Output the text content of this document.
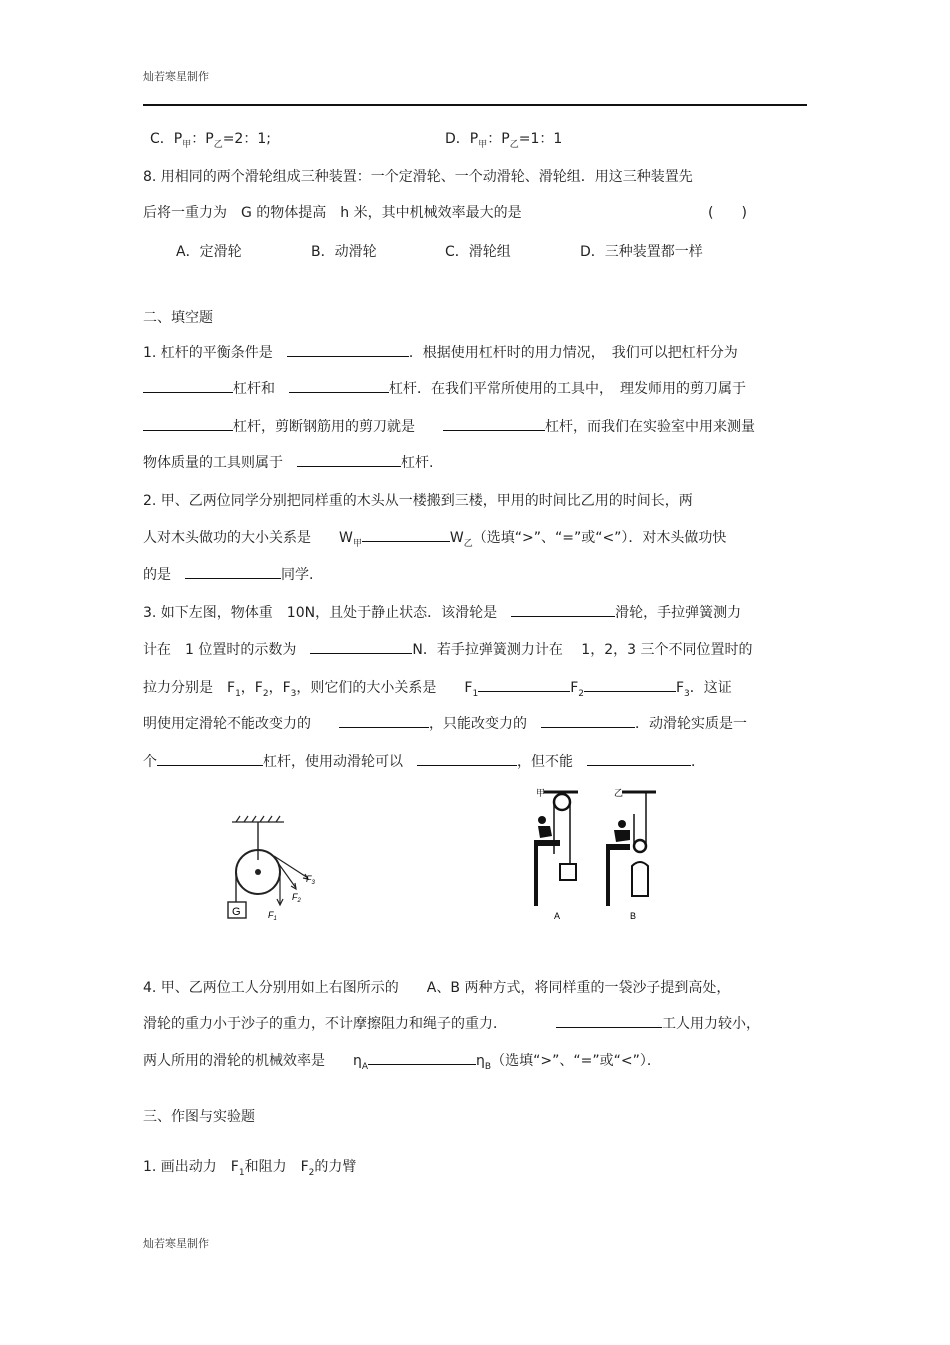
灿若寒星制作
C．$P_甲$：$P_乙=2$：1;	D．$P_甲$：$P_乙=1$：1
8. 用相同的两个滑轮组成三种装置：一个定滑轮、一个动滑轮、滑轮组．用这三种装置先
后将一重力为　G 的物体提高　h 米，其中机械效率最大的是	(　　)
A．定滑轮	B．动滑轮	C．滑轮组	D．三种装置都一样
二、填空题
1. 杠杆的平衡条件是　	．根据使用杠杆时的用力情况，　我们可以把杠杆分为
杠杆和　	杠杆．在我们平常所使用的工具中，　理发师用的剪刀属于
杠杆，剪断钢筋用的剪刀就是　　	杠杆，而我们在实验室中用来测量
物体质量的工具则属于　	杠杆.
2. 甲、乙两位同学分别把同样重的木头从一楼搬到三楼，甲用的时间比乙用的时间长，两
人对木头做功的大小关系是　　$W_甲$	$W_乙$（选填“>”、“=”或“<”）．对木头做功快
的是　	同学.
3. 如下左图，物体重　10N，且处于静止状态．该滑轮是　	滑轮，手拉弹簧测力
计在　1 位置时的示数为　	N．若手拉弹簧测力计在　 1，2，3 三个不同位置时的
拉力分别是　$F_1$，$F_2$，$F_3$，则它们的大小关系是　　$F_1$	$F_2$	$F_3$．这证
明使用定滑轮不能改变力的　　	，只能改变力的　	．动滑轮实质是一
个	杠杆，使用动滑轮可以　	，但不能　	．
G	$F_1$
$F_2$
$F_3$
甲
A
乙
B
4. 甲、乙两位工人分别用如上右图所示的　　A、B 两种方式，将同样重的一袋沙子提到高处，
滑轮的重力小于沙子的重力，不计摩擦阻力和绳子的重力．　　　　	工人用力较小，
两人所用的滑轮的机械效率是　　$\eta_A$	$\eta_B$（选填“>”、“=”或“<”）．
三、作图与实验题
1. 画出动力　$F_1$和阻力　$F_2$的力臂
灿若寒星制作
